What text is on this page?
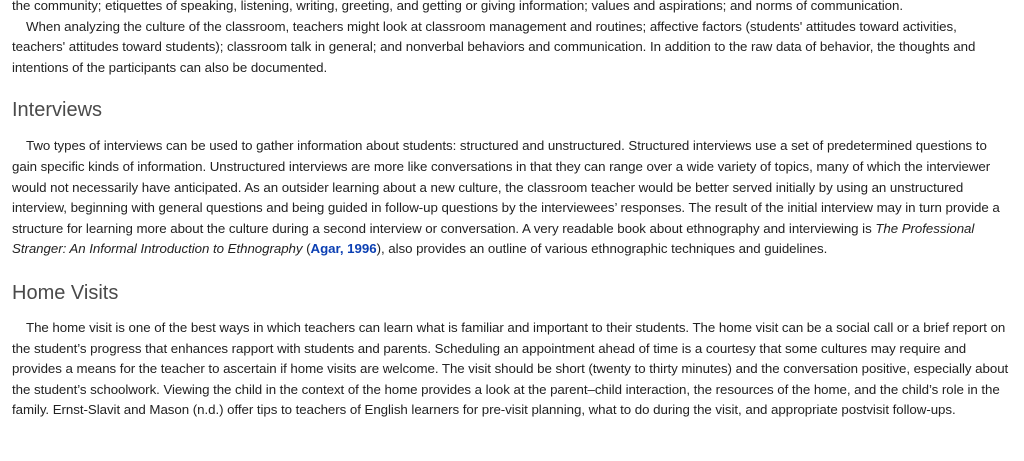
the community; etiquettes of speaking, listening, writing, greeting, and getting or giving information; values and aspirations; and norms of communication.

When analyzing the culture of the classroom, teachers might look at classroom management and routines; affective factors (students' attitudes toward activities, teachers' attitudes toward students); classroom talk in general; and nonverbal behaviors and communication. In addition to the raw data of behavior, the thoughts and intentions of the participants can also be documented.

Interviews

Two types of interviews can be used to gather information about students: structured and unstructured. Structured interviews use a set of predetermined questions to gain specific kinds of information. Unstructured interviews are more like conversations in that they can range over a wide variety of topics, many of which the interviewer would not necessarily have anticipated. As an outsider learning about a new culture, the classroom teacher would be better served initially by using an unstructured interview, beginning with general questions and being guided in follow-up questions by the interviewees’ responses. The result of the initial interview may in turn provide a structure for learning more about the culture during a second interview or conversation. A very readable book about ethnography and interviewing is The Professional Stranger: An Informal Introduction to Ethnography (Agar, 1996), also provides an outline of various ethnographic techniques and guidelines.

Home Visits

The home visit is one of the best ways in which teachers can learn what is familiar and important to their students. The home visit can be a social call or a brief report on the student’s progress that enhances rapport with students and parents. Scheduling an appointment ahead of time is a courtesy that some cultures may require and provides a means for the teacher to ascertain if home visits are welcome. The visit should be short (twenty to thirty minutes) and the conversation positive, especially about the student’s schoolwork. Viewing the child in the context of the home provides a look at the parent–child interaction, the resources of the home, and the child’s role in the family. Ernst-Slavit and Mason (n.d.) offer tips to teachers of English learners for pre-visit planning, what to do during the visit, and appropriate postvisit follow-ups.
